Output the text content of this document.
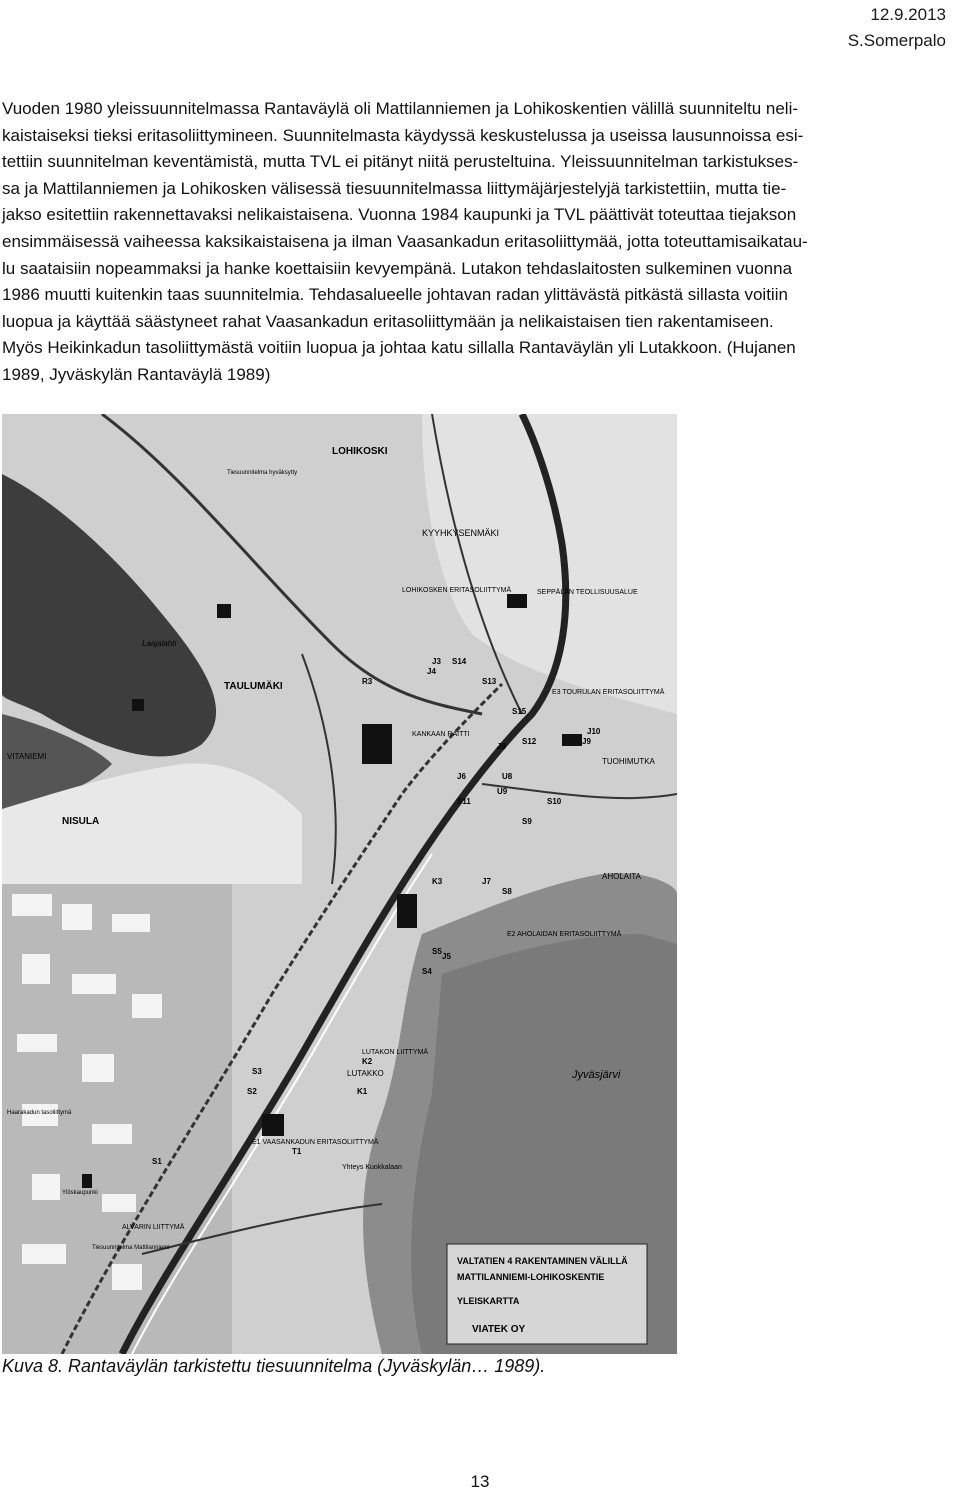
12.9.2013
S.Somerpalo
Vuoden 1980 yleissuunnitelmassa Rantaväylä oli Mattilanniemen ja Lohikoskentien välillä suunniteltu neli-
kaistaiseksi tieksi eritasoliittymineen. Suunnitelmasta käydyssä keskustelussa ja useissa lausunnoissa esi-
tettiin suunnitelman keventämistä, mutta TVL ei pitänyt niitä perusteltuina. Yleissuunnitelman tarkistukses-
sa ja Mattilanniemen ja Lohikosken välisessä tiesuunnitelmassa liittymäjärjestelyjä tarkistettiin, mutta tie-
jakso esitettiin rakennettavaksi nelikaistaisena. Vuonna 1984 kaupunki ja TVL päättivät toteuttaa tiejakson
ensimmäisessä vaiheessa kaksikaistaisena ja ilman Vaasankadun eritasoliittymää, jotta toteuttamisaikatau-
lu saataisiin nopeammaksi ja hanke koettaisiin kevyempänä. Lutakon tehdaslaitosten sulkeminen vuonna
1986 muutti kuitenkin taas suunnitelmia. Tehdasalueelle johtavan radan ylittävästä pitkästä sillasta voitiin
luopua ja käyttää säästyneet rahat Vaasankadun eritasoliittymään ja nelikaistaisen tien rakentamiseen.
Myös Heikinkadun tasoliittymästä voitiin luopua ja johtaa katu sillalla Rantaväylän yli Lutakkoon. (Hujanen
1989, Jyväskylän Rantaväylä 1989)
LOHIKOSKI
KYYHKYSENMÄKI
LOHIKOSKEN ERITASOLIITTYMÄ	SEPPÄLÄN TEOLLISUUSALUE
Laajalahti
TAULUMÄKI
E3 TOURULAN ERITASOLIITTYMÄ
KANKAAN RAITTI
VITANIEMI
TUOHIMUTKA
NISULA
AHOLAITA
E2 AHOLAIDAN ERITASOLIITTYMÄ
LUTAKON LIITTYMÄ
LUTAKKO	Jyväsjärvi
E1 VAASANKADUN ERITASOLIITTYMÄ
Yhteys Kuokkalaan
ALVARIN LIITTYMÄ
Tiesuunnitelma hyväksytty
Haarakadun tasoliittymä
Tiesuunnitelma Mattilanniemi
Ylöskaupunki
S14
S13
S15
S12
S11	S10
S9
S8
S5
S4
S3
S2
S1
T1
R3
J3
J4
J5
J6
J7
J8
J9
J10
K3
K2
K1
U8
U9
VALTATIEN 4 RAKENTAMINEN VÄLILLÄ
MATTILANNIEMI-LOHIKOSKENTIE
YLEISKARTTA
VIATEK OY
Kuva 8. Rantaväylän tarkistettu tiesuunnitelma (Jyväskylän… 1989).
13
